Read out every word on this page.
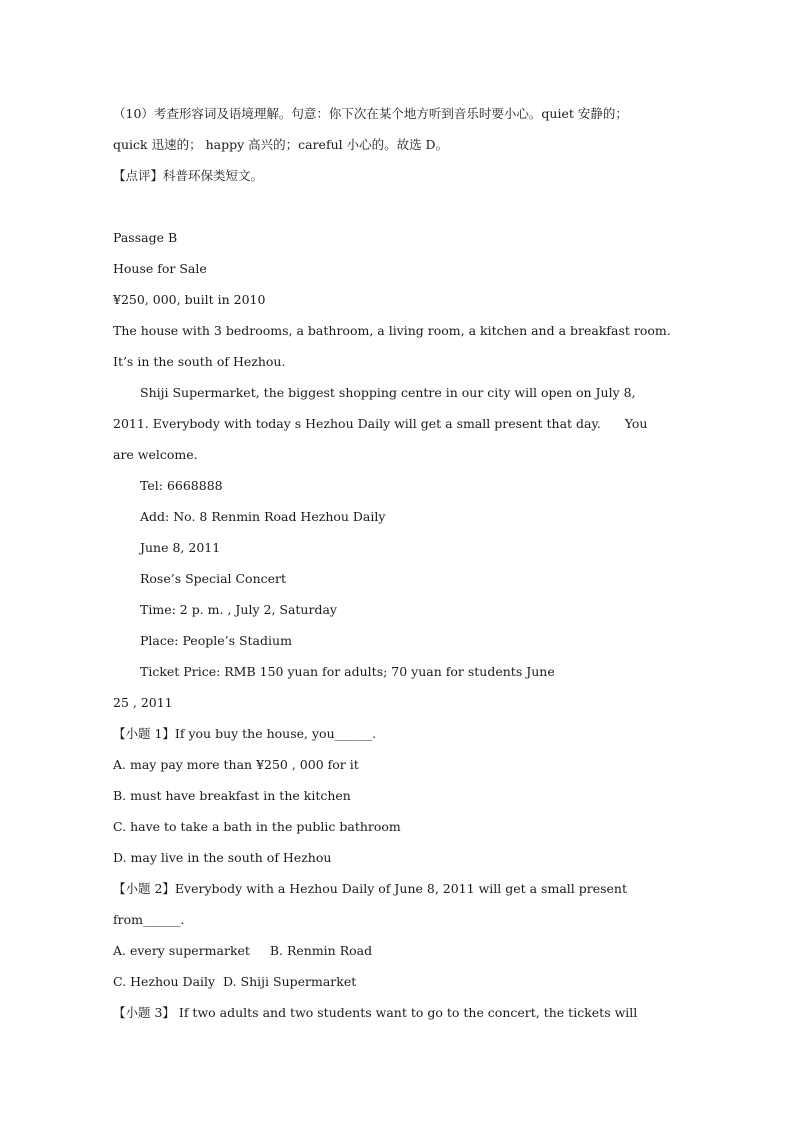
（10）考查形容词及语境理解。句意：你下次在某个地方听到音乐时要小心。quiet 安静的；
quick 迅速的； happy 高兴的；careful 小心的。故选 D。
【点评】科普环保类短文。
Passage B
House for Sale
¥250, 000, built in 2010
The house with 3 bedrooms, a bathroom, a living room, a kitchen and a breakfast room.
It’s in the south of Hezhou.
Shiji Supermarket, the biggest shopping centre in our city will open on July 8,
2011. Everybody with today s Hezhou Daily will get a small present that day.      You
are welcome.
Tel: 6668888
Add: No. 8 Renmin Road Hezhou Daily
June 8, 2011
Rose’s Special Concert
Time: 2 p. m. , July 2, Saturday
Place: People’s Stadium
Ticket Price: RMB 150 yuan for adults; 70 yuan for students June
25 , 2011
【小题 1】If you buy the house, you______.
A. may pay more than ¥250 , 000 for it
B. must have breakfast in the kitchen
C. have to take a bath in the public bathroom
D. may live in the south of Hezhou
【小题 2】Everybody with a Hezhou Daily of June 8, 2011 will get a small present
from______.
A. every supermarket     B. Renmin Road
C. Hezhou Daily  D. Shiji Supermarket
【小题 3】 If two adults and two students want to go to the concert, the tickets will
